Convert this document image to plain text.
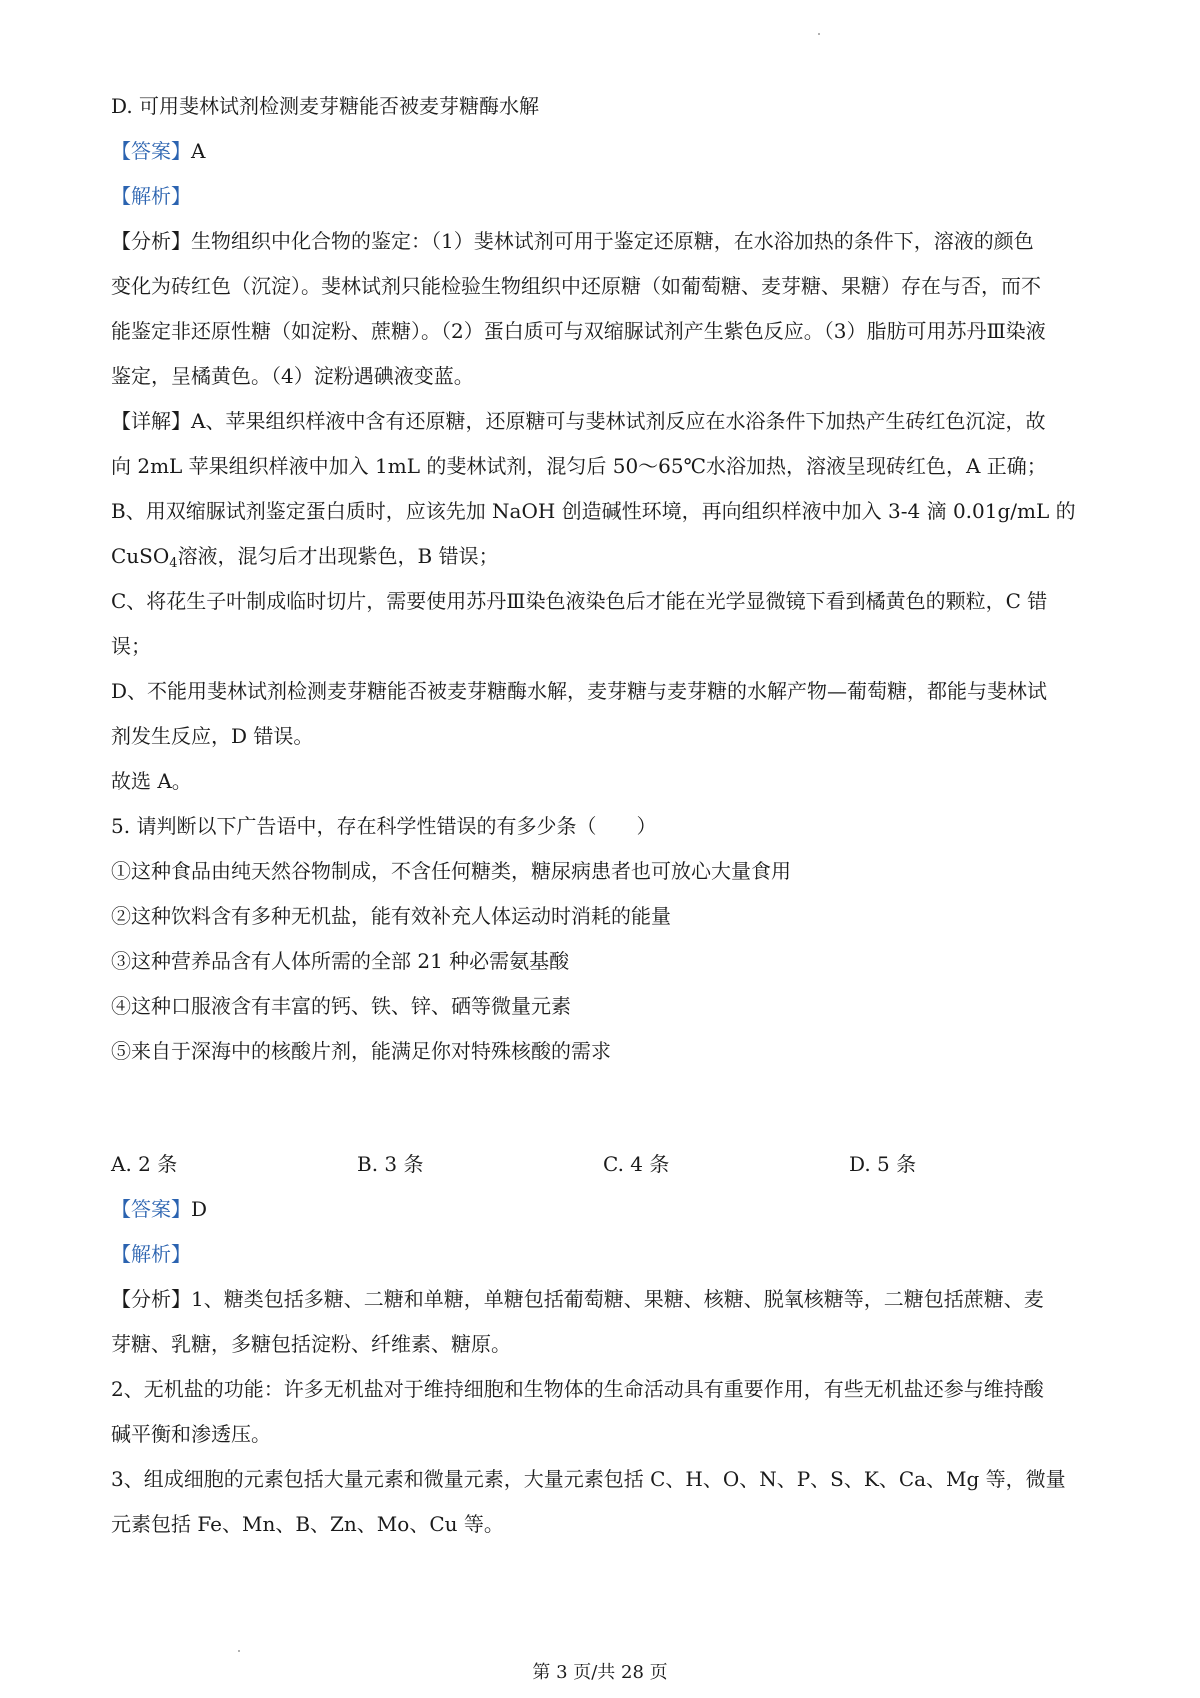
D. 可用斐林试剂检测麦芽糖能否被麦芽糖酶水解
【答案】A
【解析】
【分析】生物组织中化合物的鉴定：（1）斐林试剂可用于鉴定还原糖，在水浴加热的条件下，溶液的颜色
变化为砖红色（沉淀）。斐林试剂只能检验生物组织中还原糖（如葡萄糖、麦芽糖、果糖）存在与否，而不
能鉴定非还原性糖（如淀粉、蔗糖）。（2）蛋白质可与双缩脲试剂产生紫色反应。（3）脂肪可用苏丹Ⅲ染液
鉴定，呈橘黄色。（4）淀粉遇碘液变蓝。
【详解】A、苹果组织样液中含有还原糖，还原糖可与斐林试剂反应在水浴条件下加热产生砖红色沉淀，故
向 2mL 苹果组织样液中加入 1mL 的斐林试剂，混匀后 50～65℃水浴加热，溶液呈现砖红色，A 正确；
B、用双缩脲试剂鉴定蛋白质时，应该先加 NaOH 创造碱性环境，再向组织样液中加入 3-4 滴 0.01g/mL 的
CuSO$_4$溶液，混匀后才出现紫色，B 错误；
C、将花生子叶制成临时切片，需要使用苏丹Ⅲ染色液染色后才能在光学显微镜下看到橘黄色的颗粒，C 错
误；
D、不能用斐林试剂检测麦芽糖能否被麦芽糖酶水解，麦芽糖与麦芽糖的水解产物—葡萄糖，都能与斐林试
剂发生反应，D 错误。
故选 A。
5. 请判断以下广告语中，存在科学性错误的有多少条（　　）
①这种食品由纯天然谷物制成，不含任何糖类，糖尿病患者也可放心大量食用
②这种饮料含有多种无机盐，能有效补充人体运动时消耗的能量
③这种营养品含有人体所需的全部 21 种必需氨基酸
④这种口服液含有丰富的钙、铁、锌、硒等微量元素
⑤来自于深海中的核酸片剂，能满足你对特殊核酸的需求
A. 2 条	B. 3 条	C. 4 条	D. 5 条
【答案】D
【解析】
【分析】1、糖类包括多糖、二糖和单糖，单糖包括葡萄糖、果糖、核糖、脱氧核糖等，二糖包括蔗糖、麦
芽糖、乳糖，多糖包括淀粉、纤维素、糖原。
2、无机盐的功能：许多无机盐对于维持细胞和生物体的生命活动具有重要作用，有些无机盐还参与维持酸
碱平衡和渗透压。
3、组成细胞的元素包括大量元素和微量元素，大量元素包括 C、H、O、N、P、S、K、Ca、Mg 等，微量
元素包括 Fe、Mn、B、Zn、Mo、Cu 等。
第 3 页/共 28 页
